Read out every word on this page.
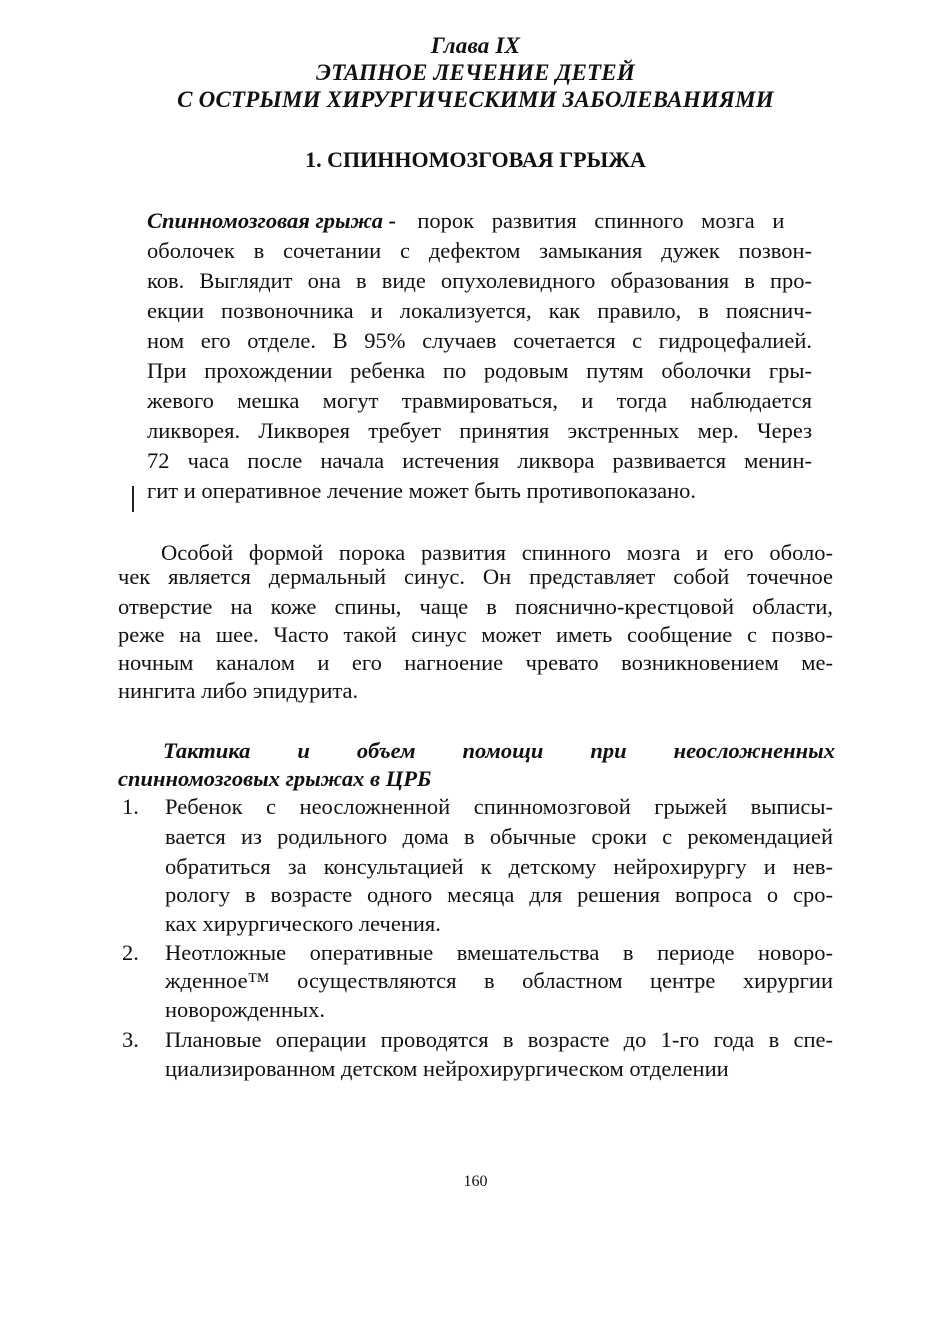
Глава IX
ЭТАПНОЕ ЛЕЧЕНИЕ ДЕТЕЙ
С ОСТРЫМИ ХИРУРГИЧЕСКИМИ ЗАБОЛЕВАНИЯМИ
1. СПИННОМОЗГОВАЯ ГРЫЖА
Спинномозговая грыжа - порок развития спинного мозга и
оболочек в сочетании с дефектом замыкания дужек позвон-
ков. Выглядит она в виде опухолевидного образования в про-
екции позвоночника и локализуется, как правило, в пояснич-
ном его отделе. В 95% случаев сочетается с гидроцефалией.
При прохождении ребенка по родовым путям оболочки гры-
жевого мешка могут травмироваться, и тогда наблюдается
ликворея. Ликворея требует принятия экстренных мер. Через
72 часа после начала истечения ликвора развивается менин-
гит и оперативное лечение может быть противопоказано.
Особой формой порока развития спинного мозга и его оболо-
чек является дермальный синус. Он представляет собой точечное
отверстие на коже спины, чаще в пояснично-крестцовой области,
реже на шее. Часто такой синус может иметь сообщение с позво-
ночным каналом и его нагноение чревато возникновением ме-
нингита либо эпидурита.
Тактика и объем помощи при неосложненных
спинномозговых грыжах в ЦРБ
1. Ребенок с неосложненной спинномозговой грыжей выписы-
вается из родильного дома в обычные сроки с рекомендацией
обратиться за консультацией к детскому нейрохирургу и нев-
рологу в возрасте одного месяца для решения вопроса о сро-
ках хирургического лечения.
2. Неотложные оперативные вмешательства в периоде новоро-
жденное™ осуществляются в областном центре хирургии
новорожденных.
3. Плановые операции проводятся в возрасте до 1-го года в спе-
циализированном детском нейрохирургическом отделении
160
